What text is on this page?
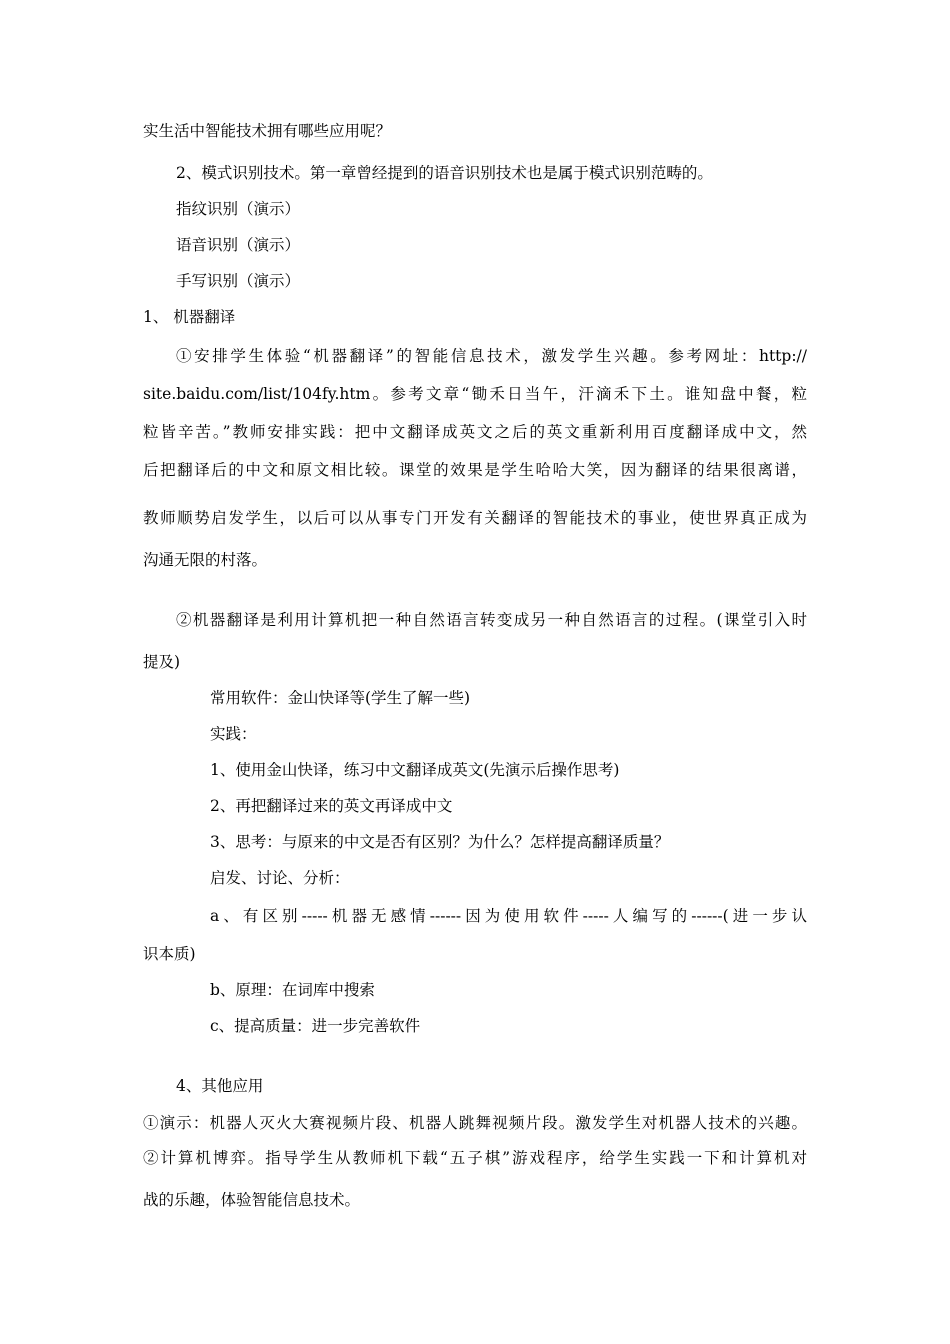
实生活中智能技术拥有哪些应用呢？
2、模式识别技术。第一章曾经提到的语音识别技术也是属于模式识别范畴的。
指纹识别（演示）
语音识别（演示）
手写识别（演示）
1、 机器翻译
①安排学生体验“机器翻译”的智能信息技术，激发学生兴趣。参考网址：http://
site.baidu.com/list/104fy.htm。参考文章“锄禾日当午，汗滴禾下土。谁知盘中餐，粒
粒皆辛苦。”教师安排实践：把中文翻译成英文之后的英文重新利用百度翻译成中文，然
后把翻译后的中文和原文相比较。课堂的效果是学生哈哈大笑，因为翻译的结果很离谱，
教师顺势启发学生，以后可以从事专门开发有关翻译的智能技术的事业，使世界真正成为
沟通无限的村落。
②机器翻译是利用计算机把一种自然语言转变成另一种自然语言的过程。(课堂引入时
提及)
常用软件：金山快译等(学生了解一些)
实践：
1、使用金山快译，练习中文翻译成英文(先演示后操作思考)
2、再把翻译过来的英文再译成中文
3、思考：与原来的中文是否有区别？为什么？怎样提高翻译质量？
启发、讨论、分析：
a、有区别-----机器无感情------因为使用软件-----人编写的------(进一步认
识本质)
b、原理：在词库中搜索
c、提高质量：进一步完善软件
4、其他应用
①演示：机器人灭火大赛视频片段、机器人跳舞视频片段。激发学生对机器人技术的兴趣。
②计算机博弈。指导学生从教师机下载“五子棋”游戏程序，给学生实践一下和计算机对
战的乐趣，体验智能信息技术。
